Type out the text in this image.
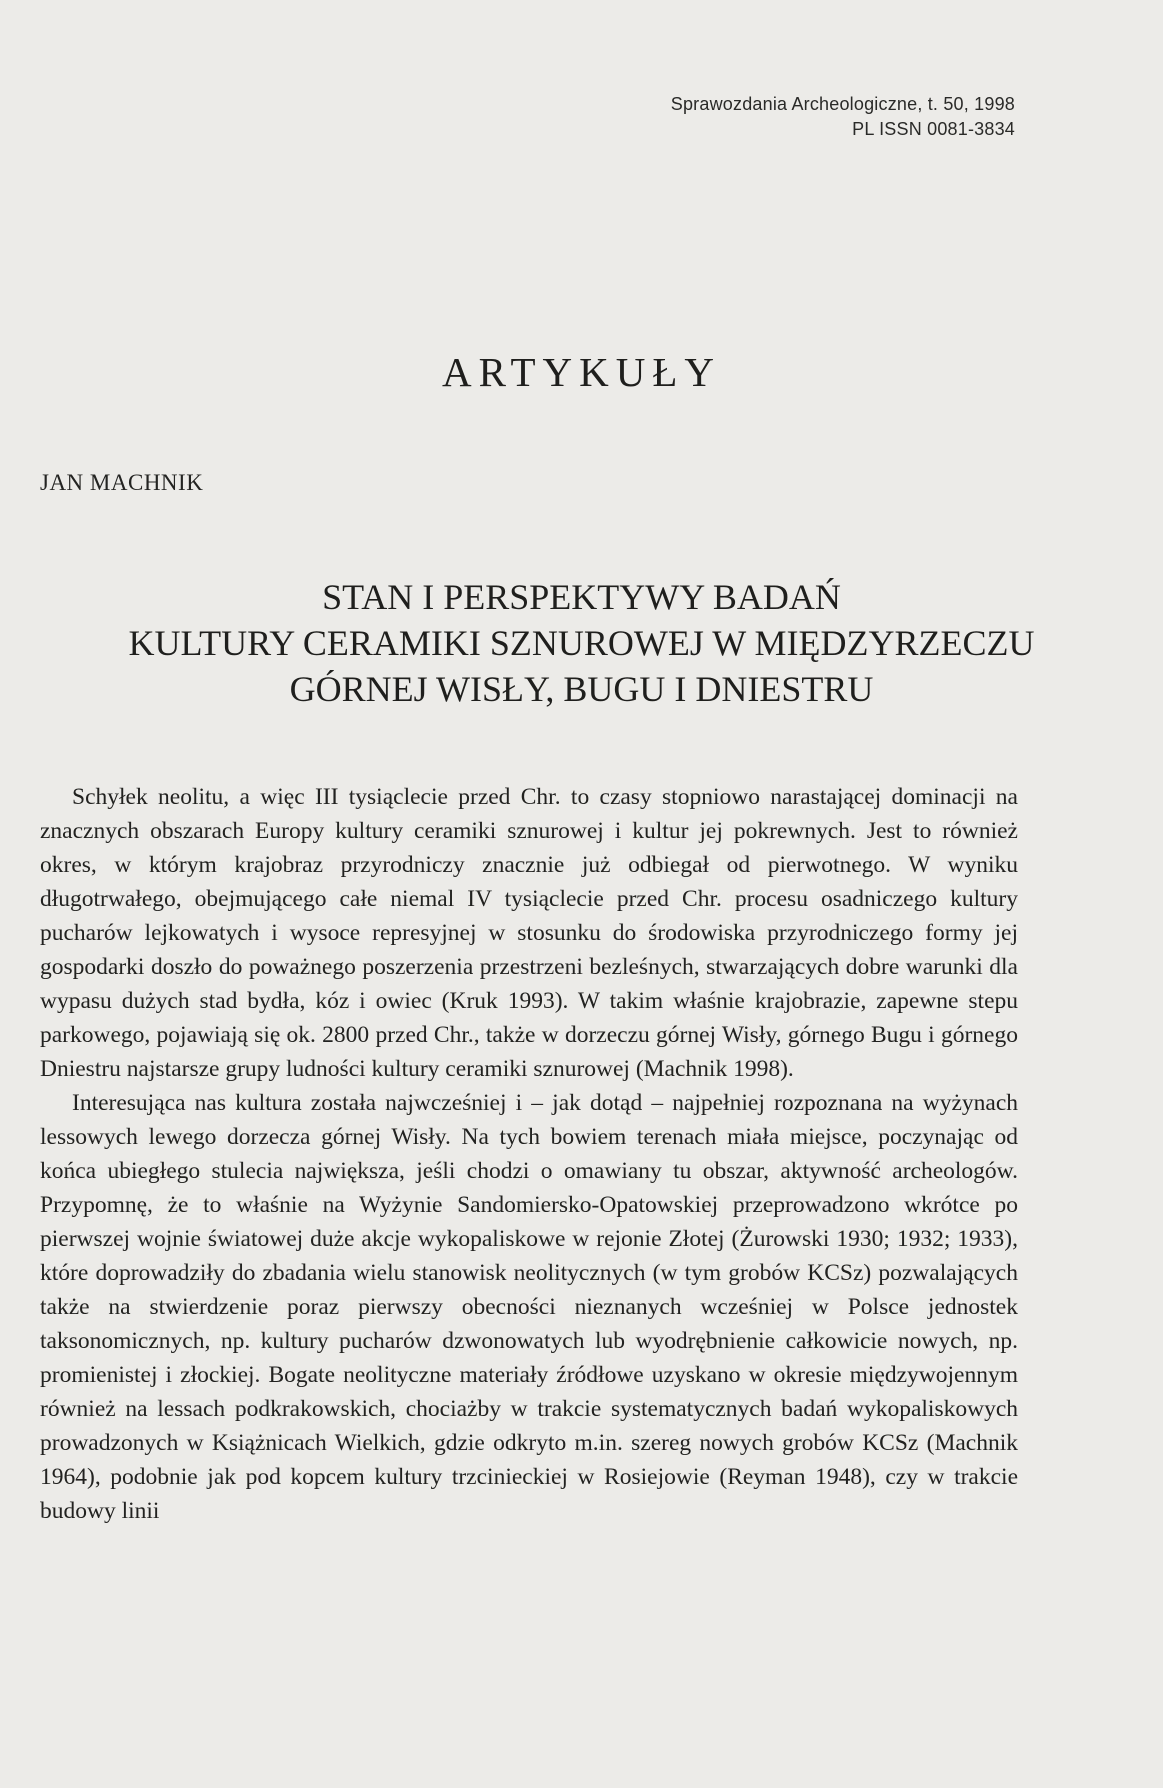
Sprawozdania Archeologiczne, t. 50, 1998
PL ISSN 0081-3834
ARTYKUŁY
JAN MACHNIK
STAN I PERSPEKTYWY BADAŃ
KULTURY CERAMIKI SZNUROWEJ W MIĘDZYRZECZU
GÓRNEJ WISŁY, BUGU I DNIESTRU

Schyłek neolitu, a więc III tysiąclecie przed Chr. to czasy stopniowo narastającej dominacji na znacznych obszarach Europy kultury ceramiki sznurowej i kultur jej pokrewnych. Jest to również okres, w którym krajobraz przyrodniczy znacznie już odbiegał od pierwotnego. W wyniku długotrwałego, obejmującego całe niemal IV tysiąclecie przed Chr. procesu osadniczego kultury pucharów lejkowatych i wysoce represyjnej w stosunku do środowiska przyrodniczego formy jej gospodarki doszło do poważnego poszerzenia przestrzeni bezleśnych, stwarzających dobre warunki dla wypasu dużych stad bydła, kóz i owiec (Kruk 1993). W takim właśnie krajobrazie, zapewne stepu parkowego, pojawiają się ok. 2800 przed Chr., także w dorzeczu górnej Wisły, górnego Bugu i górnego Dniestru najstarsze grupy ludności kultury ceramiki sznurowej (Machnik 1998).

Interesująca nas kultura została najwcześniej i – jak dotąd – najpełniej rozpoznana na wyżynach lessowych lewego dorzecza górnej Wisły. Na tych bowiem terenach miała miejsce, poczynając od końca ubiegłego stulecia największa, jeśli chodzi o omawiany tu obszar, aktywność archeologów. Przypomnę, że to właśnie na Wyżynie Sandomiersko-Opatowskiej przeprowadzono wkrótce po pierwszej wojnie światowej duże akcje wykopaliskowe w rejonie Złotej (Żurowski 1930; 1932; 1933), które doprowadziły do zbadania wielu stanowisk neolitycznych (w tym grobów KCSz) pozwalających także na stwierdzenie poraz pierwszy obecności nieznanych wcześniej w Polsce jednostek taksonomicznych, np. kultury pucharów dzwonowatych lub wyodrębnienie całkowicie nowych, np. promienistej i złockiej. Bogate neolityczne materiały źródłowe uzyskano w okresie międzywojennym również na lessach podkrakowskich, chociażby w trakcie systematycznych badań wykopaliskowych prowadzonych w Książnicach Wielkich, gdzie odkryto m.in. szereg nowych grobów KCSz (Machnik 1964), podobnie jak pod kopcem kultury trzcinieckiej w Rosiejowie (Reyman 1948), czy w trakcie budowy linii
